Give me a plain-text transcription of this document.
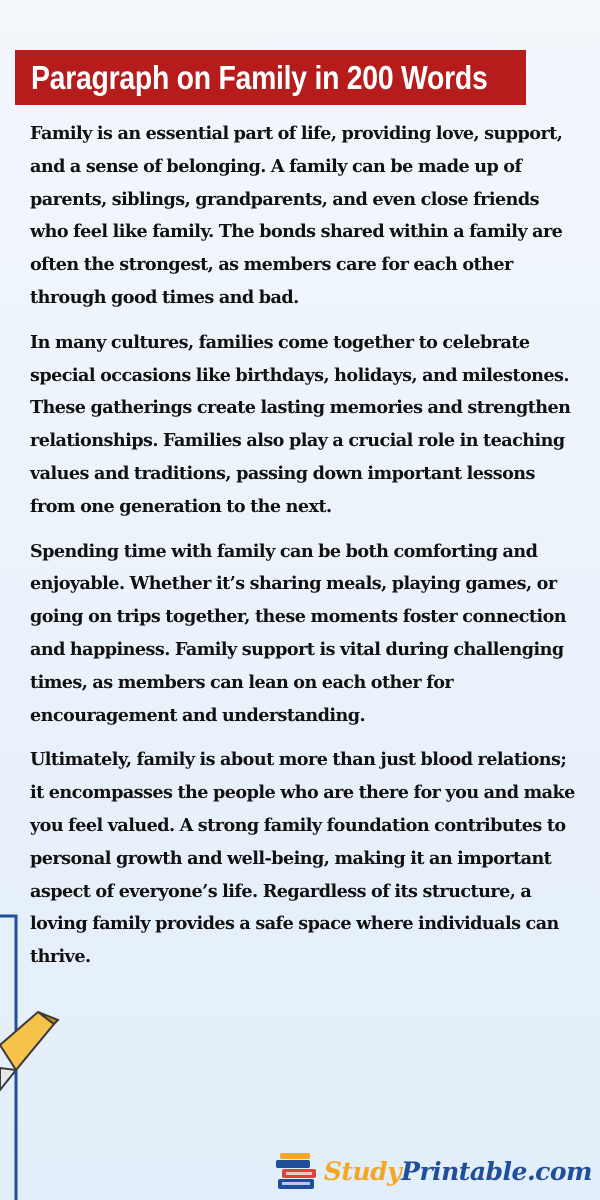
Paragraph on Family in 200 Words

Family is an essential part of life, providing love, support, and a sense of belonging. A family can be made up of parents, siblings, grandparents, and even close friends who feel like family. The bonds shared within a family are often the strongest, as members care for each other through good times and bad.

In many cultures, families come together to celebrate special occasions like birthdays, holidays, and milestones. These gatherings create lasting memories and strengthen relationships. Families also play a crucial role in teaching values and traditions, passing down important lessons from one generation to the next.

Spending time with family can be both comforting and enjoyable. Whether it’s sharing meals, playing games, or going on trips together, these moments foster connection and happiness. Family support is vital during challenging times, as members can lean on each other for encouragement and understanding.

Ultimately, family is about more than just blood relations; it encompasses the people who are there for you and make you feel valued. A strong family foundation contributes to personal growth and well-being, making it an important aspect of everyone’s life. Regardless of its structure, a loving family provides a safe space where individuals can thrive.

StudyPrintable.com
